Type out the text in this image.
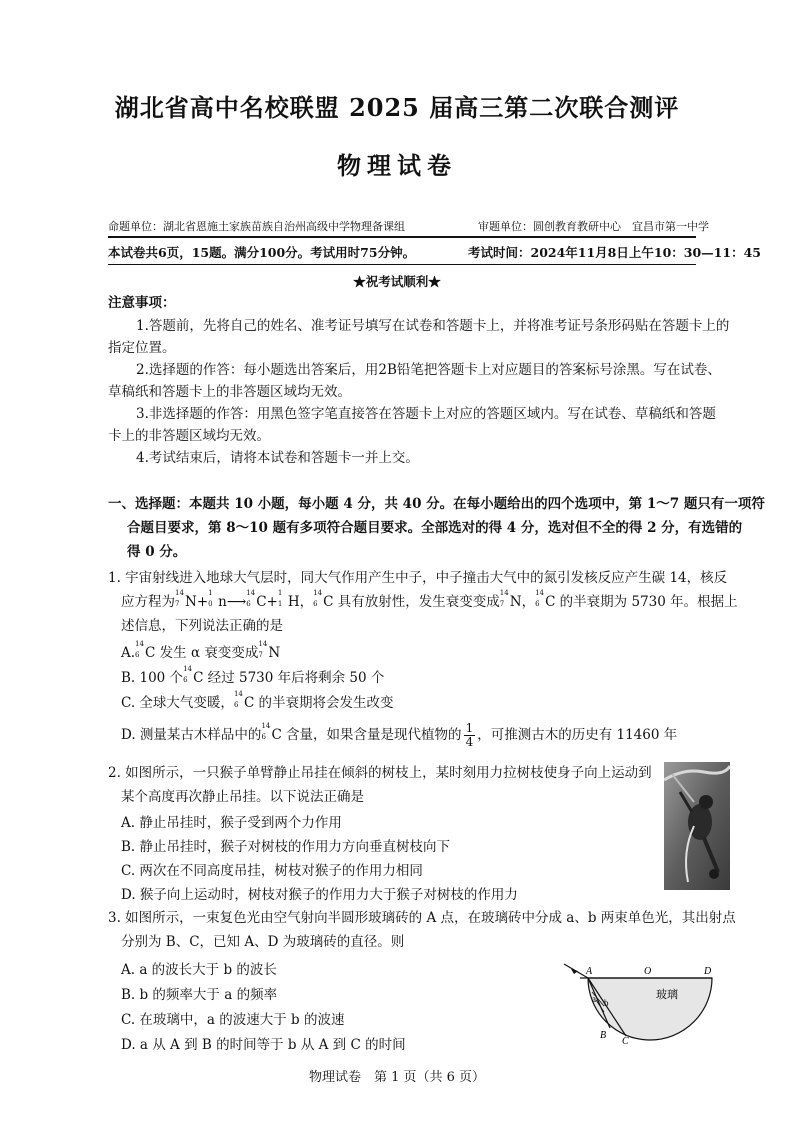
湖北省高中名校联盟 2025 届高三第二次联合测评
物理试卷
命题单位：湖北省恩施土家族苗族自治州高级中学物理备课组	审题单位：圆创教育教研中心　宜昌市第一中学
本试卷共6页，15题。满分100分。考试用时75分钟。	考试时间：2024年11月8日上午10：30—11：45
★祝考试顺利★
注意事项：
1.答题前，先将自己的姓名、准考证号填写在试卷和答题卡上，并将准考证号条形码贴在答题卡上的
指定位置。
2.选择题的作答：每小题选出答案后，用2B铅笔把答题卡上对应题目的答案标号涂黑。写在试卷、
草稿纸和答题卡上的非答题区域均无效。
3.非选择题的作答：用黑色签字笔直接答在答题卡上对应的答题区域内。写在试卷、草稿纸和答题
卡上的非答题区域均无效。
4.考试结束后，请将本试卷和答题卡一并上交。
一、选择题：本题共 10 小题，每小题 4 分，共 40 分。在每小题给出的四个选项中，第 1～7 题只有一项符
合题目要求，第 8～10 题有多项符合题目要求。全部选对的得 4 分，选对但不全的得 2 分，有选错的
得 0 分。
1. 宇宙射线进入地球大气层时，同大气作用产生中子，中子撞击大气中的氮引发核反应产生碳 14，核反
应方程为
14
7 N+
1
0 n⟶
14
6 C+
1
1 H，
14
6 C 具有放射性，发生衰变变成
14
7 N，
14
6 C 的半衰期为 5730 年。根据上
述信息，下列说法正确的是
A.
14
6 C 发生 α 衰变变成
14
7 N
B. 100 个
14
6 C 经过 5730 年后将剩余 50 个
C. 全球大气变暖，
14
6 C 的半衰期将会发生改变
D. 测量某古木样品中的
14
6 C 含量，如果含量是现代植物的 $\frac{1}{4}$ ，可推测古木的历史有 11460 年
2. 如图所示，一只猴子单臂静止吊挂在倾斜的树枝上，某时刻用力拉树枝使身子向上运动到
某个高度再次静止吊挂。以下说法正确是
A. 静止吊挂时，猴子受到两个力作用
B. 静止吊挂时，猴子对树枝的作用力方向垂直树枝向下
C. 两次在不同高度吊挂，树枝对猴子的作用力相同
D. 猴子向上运动时，树枝对猴子的作用力大于猴子对树枝的作用力
3. 如图所示，一束复色光由空气射向半圆形玻璃砖的 A 点，在玻璃砖中分成 a、b 两束单色光，其出射点
分别为 B、C，已知 A、D 为玻璃砖的直径。则
A. a 的波长大于 b 的波长
B. b 的频率大于 a 的频率
C. 在玻璃中，a 的波速大于 b 的波速
D. a 从 A 到 B 的时间等于 b 从 A 到 C 的时间
A	O	D
a b
B
C
玻璃
物理试卷　第 1 页（共 6 页）
